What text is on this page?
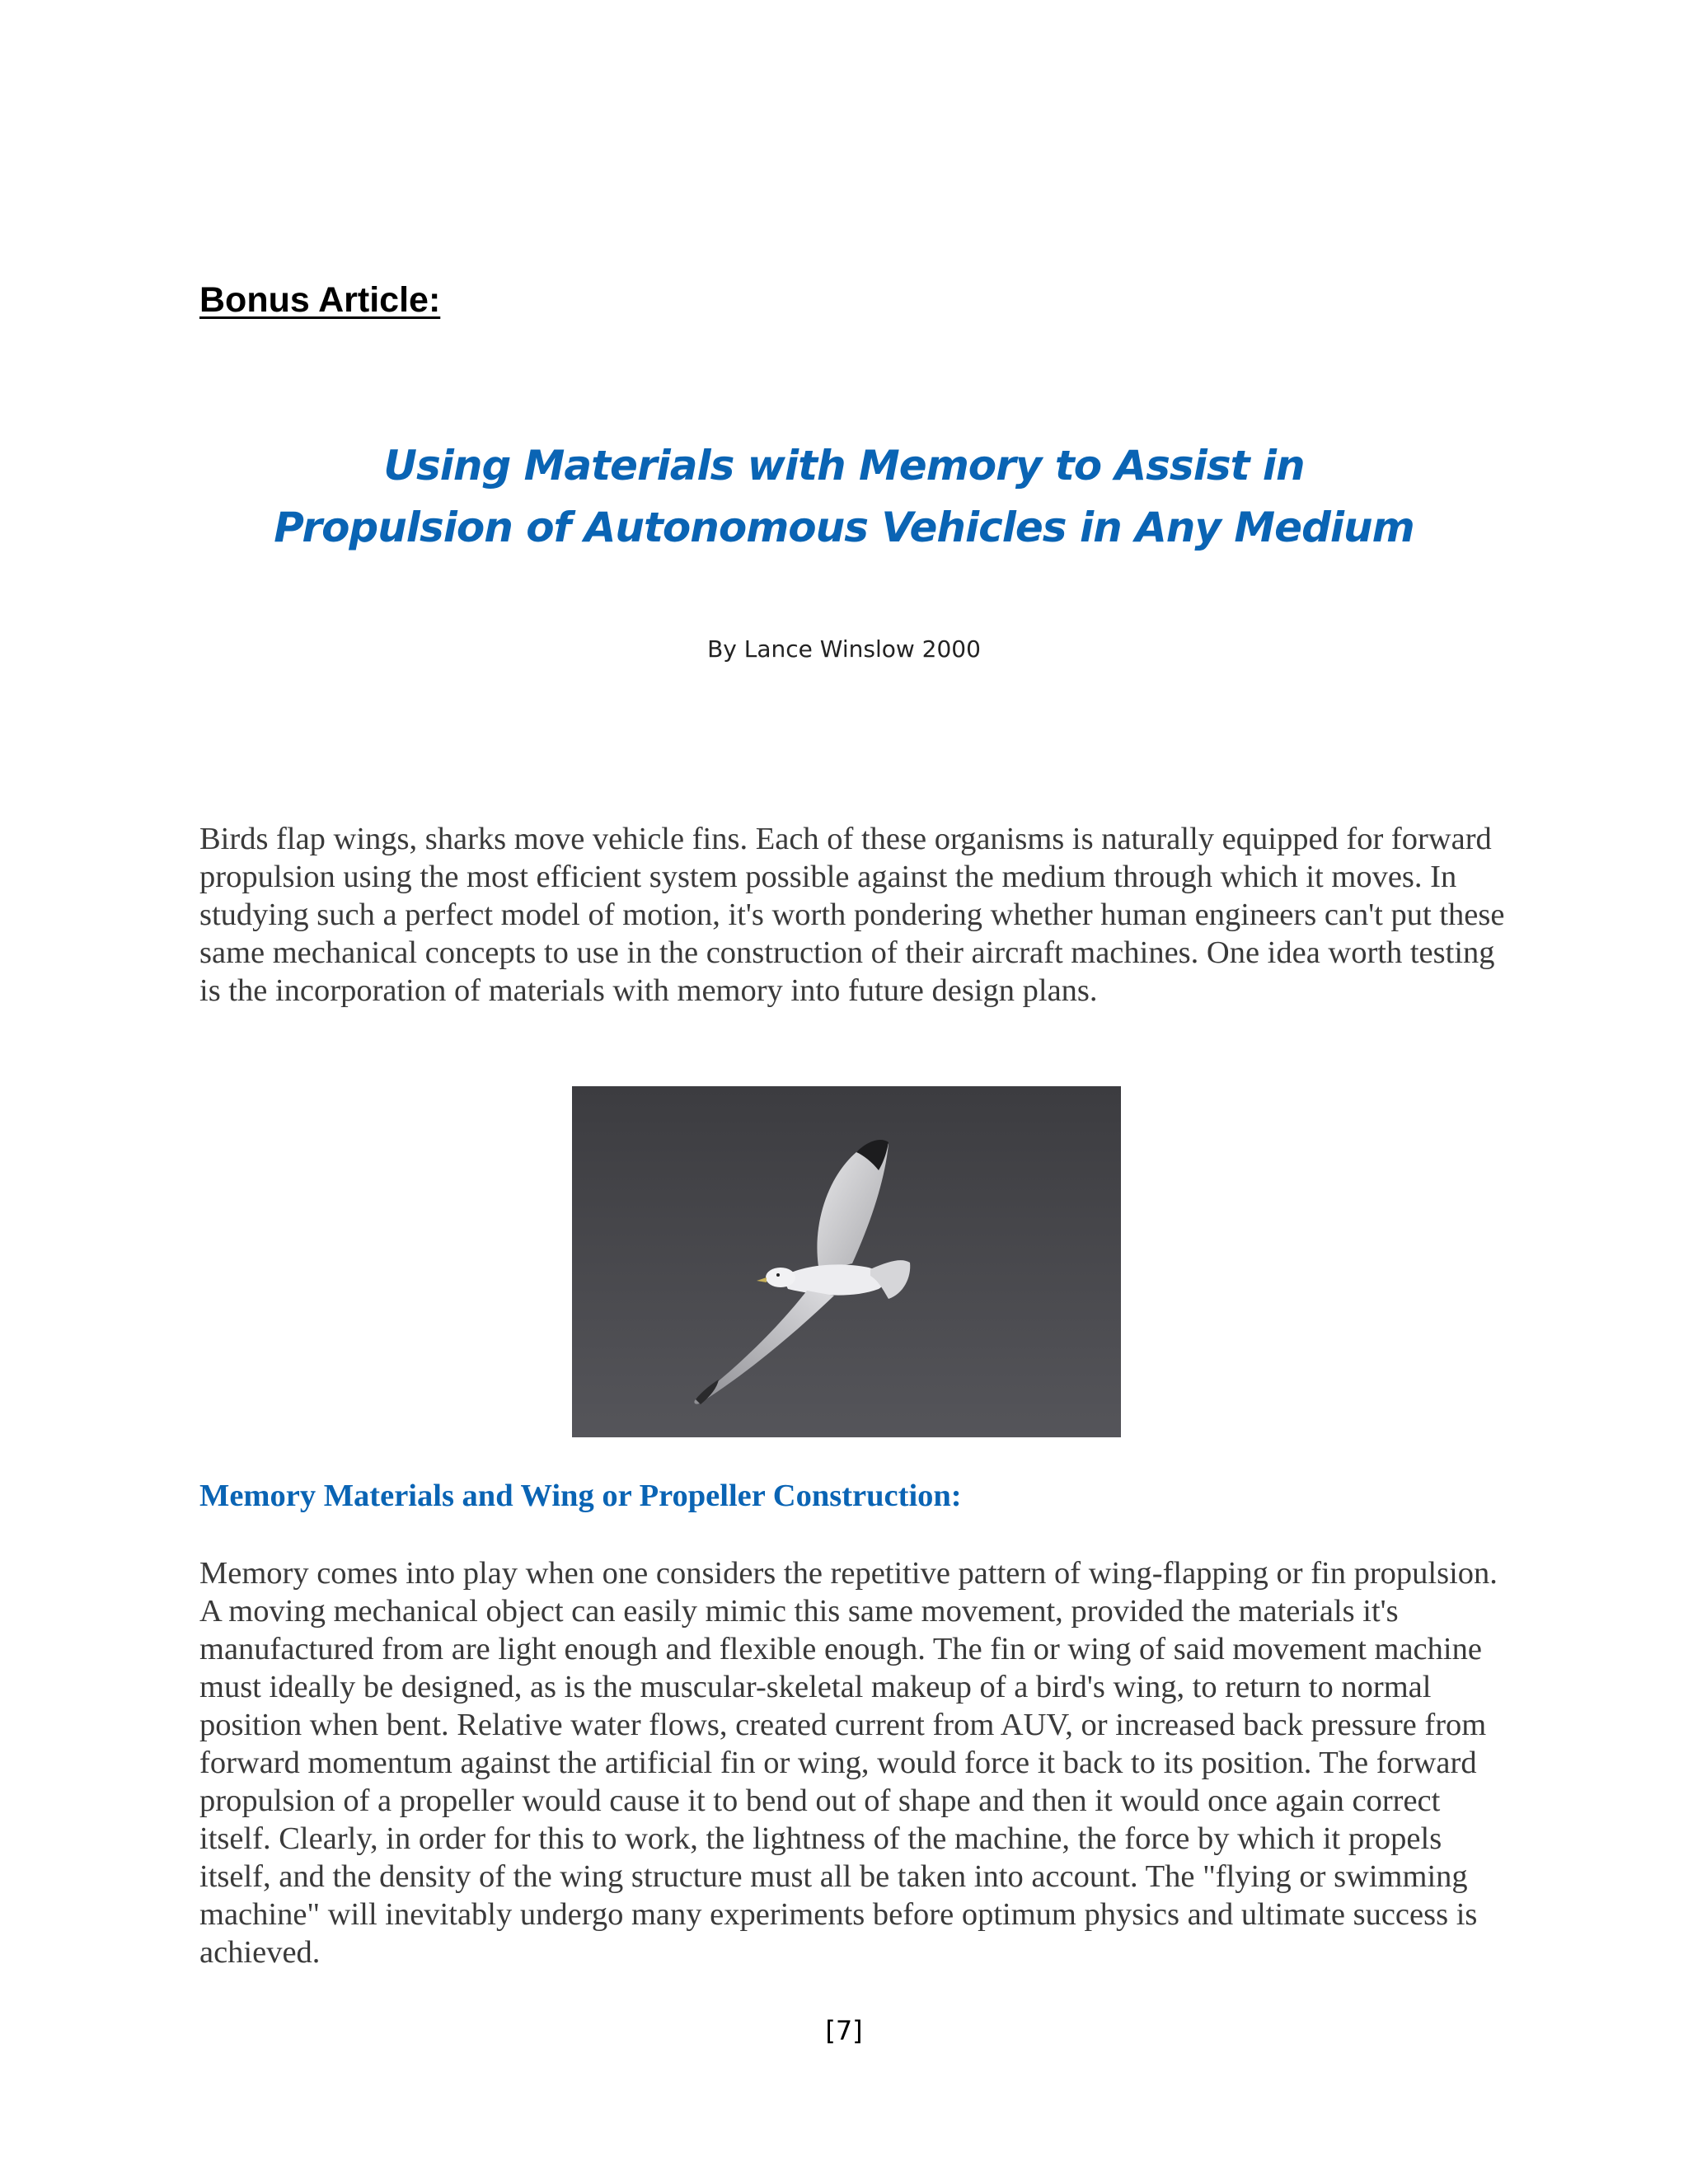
Bonus Article:
Using Materials with Memory to Assist in
Propulsion of Autonomous Vehicles in Any Medium

By Lance Winslow 2000

Birds flap wings, sharks move vehicle fins. Each of these organisms is naturally equipped for forward propulsion using the most efficient system possible against the medium through which it moves. In studying such a perfect model of motion, it's worth pondering whether human engineers can't put these same mechanical concepts to use in the construction of their aircraft machines. One idea worth testing is the incorporation of materials with memory into future design plans.

Memory Materials and Wing or Propeller Construction:

Memory comes into play when one considers the repetitive pattern of wing-flapping or fin propulsion. A moving mechanical object can easily mimic this same movement, provided the materials it's manufactured from are light enough and flexible enough. The fin or wing of said movement machine must ideally be designed, as is the muscular-skeletal makeup of a bird's wing, to return to normal position when bent. Relative water flows, created current from AUV, or increased back pressure from forward momentum against the artificial fin or wing, would force it back to its position. The forward propulsion of a propeller would cause it to bend out of shape and then it would once again correct itself. Clearly, in order for this to work, the lightness of the machine, the force by which it propels itself, and the density of the wing structure must all be taken into account. The "flying or swimming machine" will inevitably undergo many experiments before optimum physics and ultimate success is achieved.

[7]
